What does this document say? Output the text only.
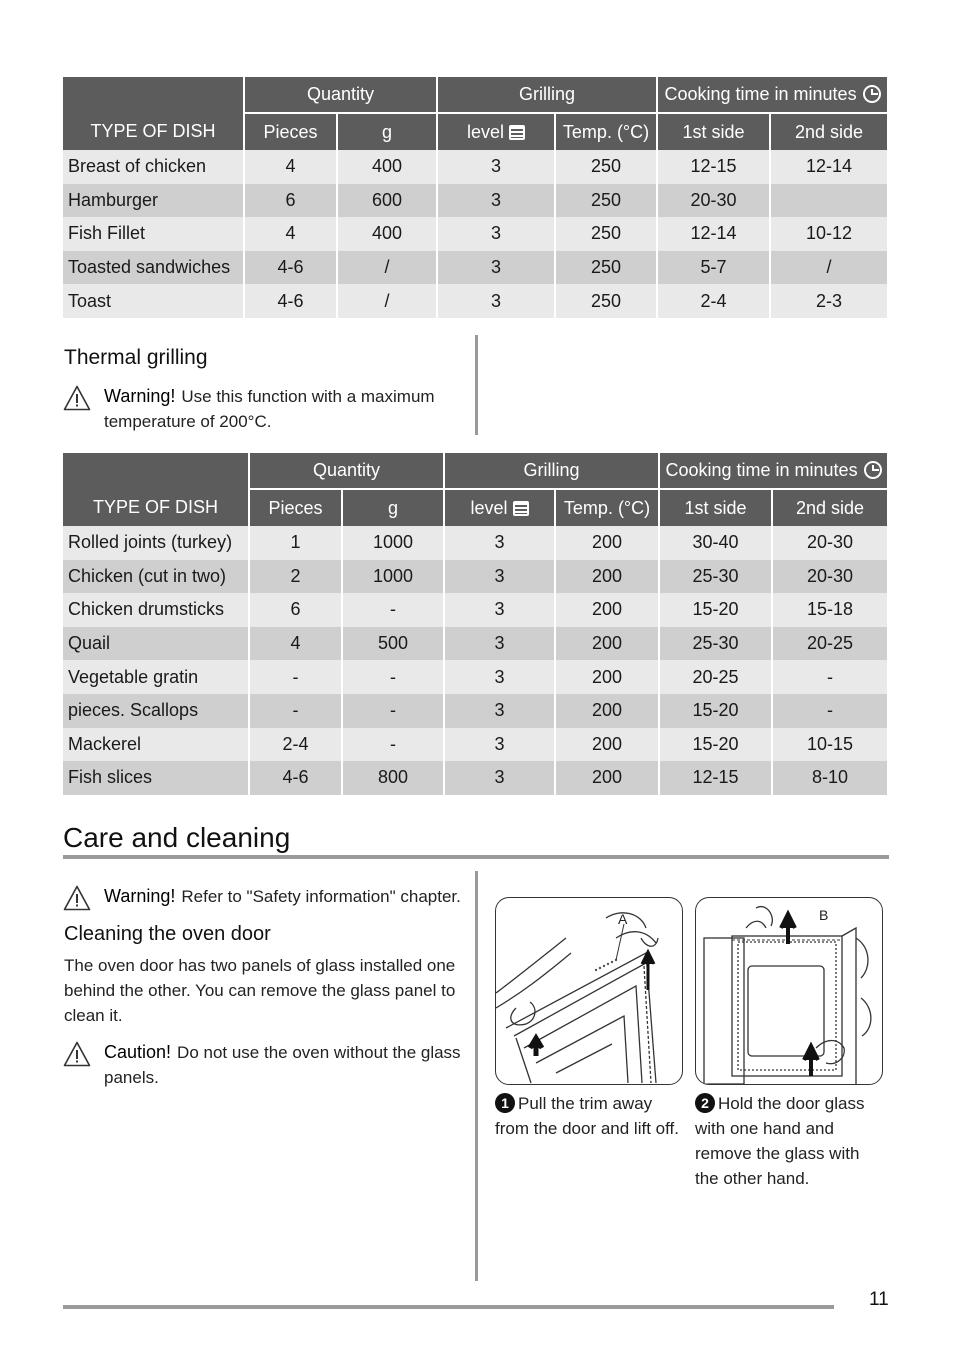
TYPE OF DISH	Quantity		Grilling		Cooking time in minutes	
	Pieces	g	level	Temp. (°C)	1st side	2nd side
Breast of chicken	4	400	3	250	12-15	12-14
Hamburger	6	600	3	250	20-30	
Fish Fillet	4	400	3	250	12-14	10-12
Toasted sandwiches	4-6	/	3	250	5-7	/
Toast	4-6	/	3	250	2-4	2-3
Thermal grilling
Warning! Use this function with a maximum temperature of 200°C.
TYPE OF DISH	Quantity		Grilling		Cooking time in minutes	
	Pieces	g	level	Temp. (°C)	1st side	2nd side
Rolled joints (turkey)	1	1000	3	200	30-40	20-30
Chicken (cut in two)	2	1000	3	200	25-30	20-30
Chicken drumsticks	6	-	3	200	15-20	15-18
Quail	4	500	3	200	25-30	20-25
Vegetable gratin	-	-	3	200	20-25	-
pieces. Scallops	-	-	3	200	15-20	-
Mackerel	2-4	-	3	200	15-20	10-15
Fish slices	4-6	800	3	200	12-15	8-10
Care and cleaning
Warning! Refer to "Safety information" chapter.
Cleaning the oven door
The oven door has two panels of glass installed one behind the other. You can remove the glass panel to clean it.
Caution! Do not use the oven without the glass panels.
A
1 Pull the trim away from the door and lift off.
B
2 Hold the door glass with one hand and remove the glass with the other hand.
11
